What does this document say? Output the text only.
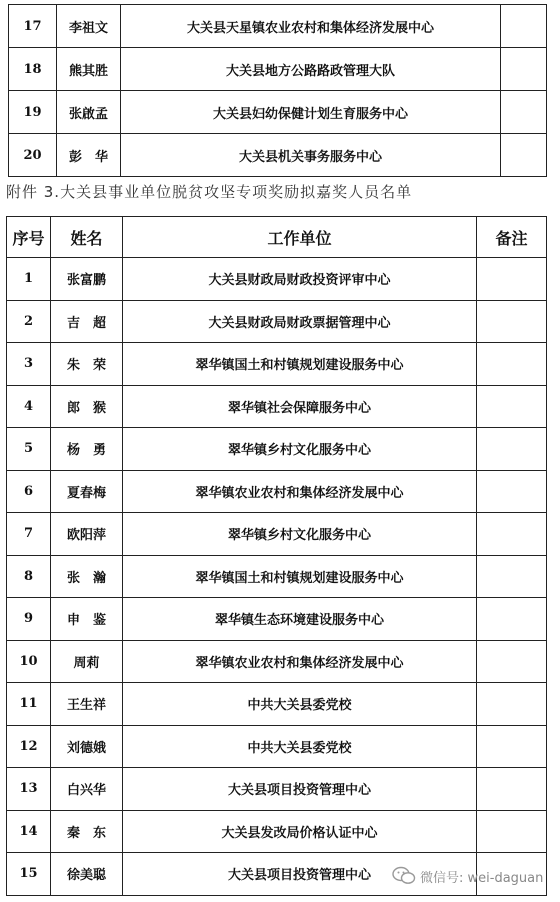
17	李祖文	大关县天星镇农业农村和集体经济发展中心	
18	熊其胜	大关县地方公路路政管理大队	
19	张啟孟	大关县妇幼保健计划生育服务中心	
20	彭　华	大关县机关事务服务中心	
附件 3.大关县事业单位脱贫攻坚专项奖励拟嘉奖人员名单
序号	姓名	工作单位	备注
1	张富鹏	大关县财政局财政投资评审中心	
2	吉　超	大关县财政局财政票据管理中心	
3	朱　荣	翠华镇国土和村镇规划建设服务中心	
4	郎　猴	翠华镇社会保障服务中心	
5	杨　勇	翠华镇乡村文化服务中心	
6	夏春梅	翠华镇农业农村和集体经济发展中心	
7	欧阳萍	翠华镇乡村文化服务中心	
8	张　瀚	翠华镇国土和村镇规划建设服务中心	
9	申　鉴	翠华镇生态环境建设服务中心	
10	周莉	翠华镇农业农村和集体经济发展中心	
11	王生祥	中共大关县委党校	
12	刘德娥	中共大关县委党校	
13	白兴华	大关县项目投资管理中心	
14	秦　东	大关县发改局价格认证中心	
15	徐美聪	大关县项目投资管理中心		微信号: wei-daguan
